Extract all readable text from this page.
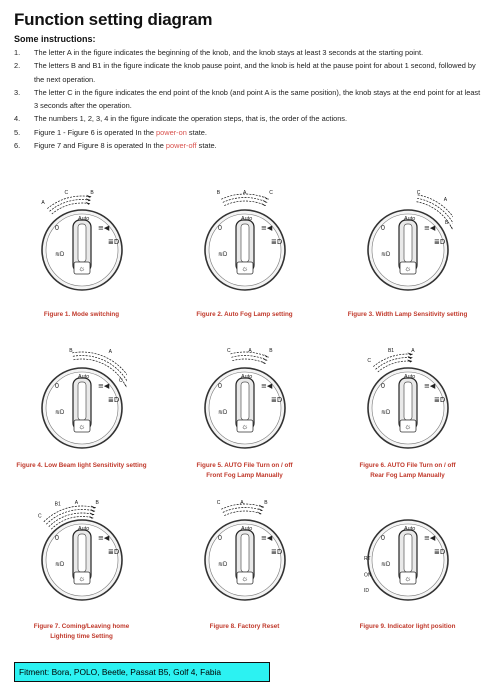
Function setting diagram
Some instructions:
1. The letter A in the figure indicates the beginning of the knob, and the knob stays at least 3 seconds at the starting point.
2. The letters B and B1 in the figure indicate the knob pause point, and the knob is held at the pause point for about 1 second, followed by the next operation.
3. The letter C in the figure indicates the end point of the knob (and point A is the same position), the knob stays at the end point for at least 3 seconds after the operation.
4. The numbers 1, 2, 3, 4 in the figure indicate the operation steps, that is, the order of the actions.
5. Figure 1 - Figure 6 is operated In the power-on state.
6. Figure 7 and Figure 8 is operated In the power-off state.
0
Auto
≋D
☼
≡◀
≣D
A
C	B
Figure 1. Mode switching
0
Auto
≋D
☼
≡◀
≣D
B	A	C
Figure 2. Auto Fog Lamp setting
0
Auto
≋D
☼
≡◀
≣D
C
A
B
Figure 3. Width Lamp Sensitivity setting
0
Auto
≋D
☼
≡◀
≣D
B	A
C
Figure 4. Low Beam light Sensitivity setting
0
Auto
≋D
☼
≡◀
≣D
C	A	B
Figure 5. AUTO File Turn on / off
Front Fog Lamp Manually
0
Auto
≋D
☼
≡◀
≣D
C
B1	A
Figure 6. AUTO File Turn on / off
Rear Fog Lamp Manually
0
Auto
≋D
☼
≡◀
≣D
C
B1	A	B
Figure 7. Coming/Leaving home
Lighting time Setting
0
Auto
≋D
☼
≡◀
≣D
C	A	B
Figure 8. Factory Reset
0
Auto
≋D
☼
≡◀
≣D
ID
ON
RT
Figure 9. Indicator light position
Fitment: Bora, POLO, Beetle, Passat B5, Golf 4, Fabia
